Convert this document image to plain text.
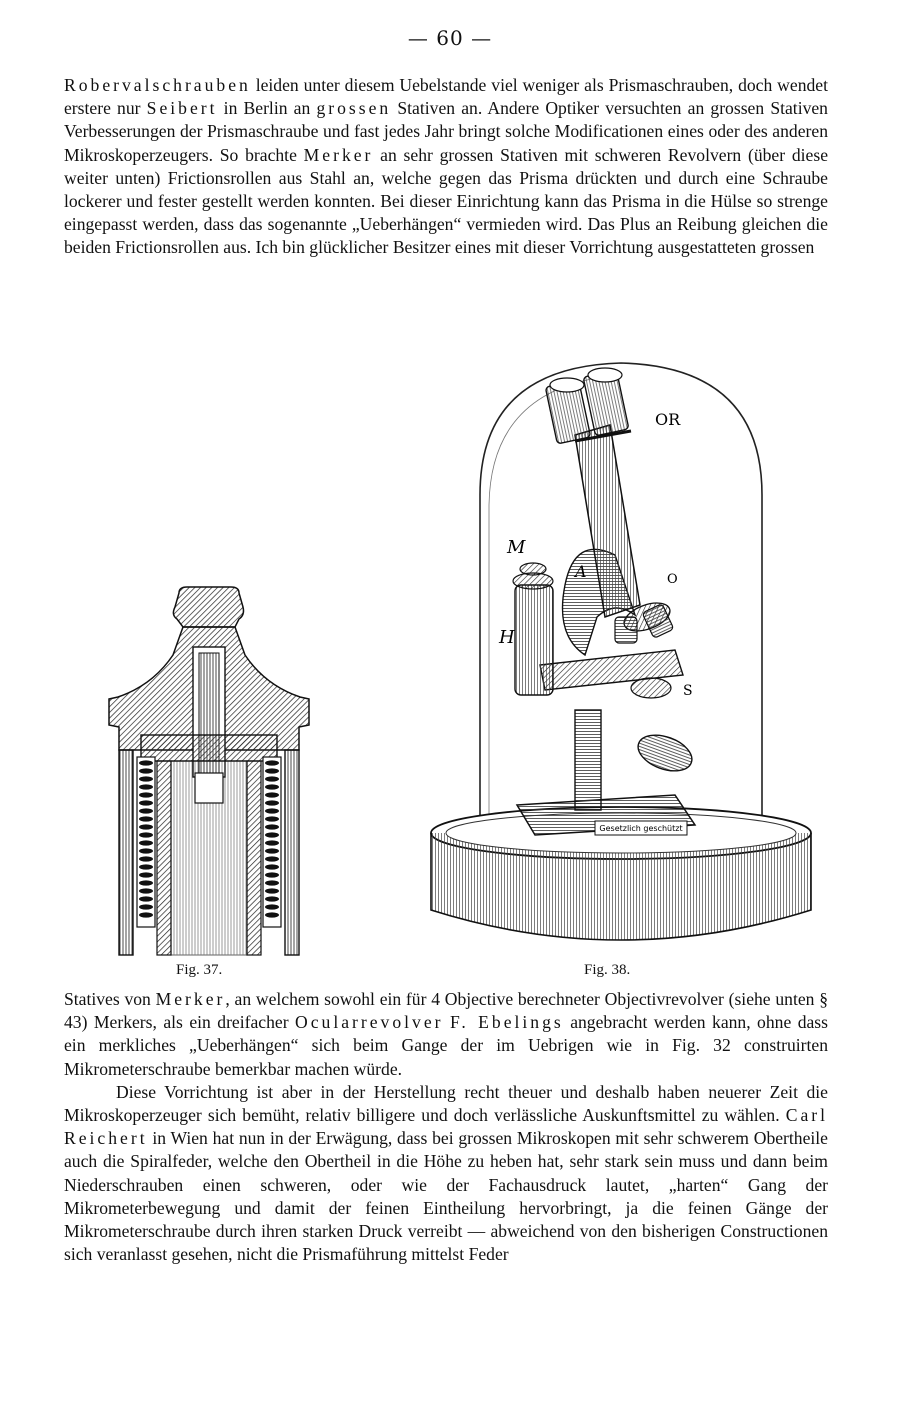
— 60 —

Robervalschrauben leiden unter diesem Uebelstande viel weniger als Prismaschrauben, doch wendet erstere nur Seibert in Berlin an grossen Stativen an. Andere Optiker versuchten an grossen Stativen Verbesserungen der Prismaschraube und fast jedes Jahr bringt solche Modificationen eines oder des anderen Mikroskoperzeugers. So brachte Merker an sehr grossen Stativen mit schweren Revolvern (über diese weiter unten) Frictionsrollen aus Stahl an, welche gegen das Prisma drückten und durch eine Schraube lockerer und fester gestellt werden konnten. Bei dieser Einrichtung kann das Prisma in die Hülse so strenge eingepasst werden, dass das sogenannte „Ueberhängen“ vermieden wird. Das Plus an Reibung gleichen die beiden Frictionsrollen aus. Ich bin glücklicher Besitzer eines mit dieser Vorrichtung ausgestatteten grossen

Gesetzlich geschützt
OR
M
A	O
H
S
Fig. 37.	Fig. 38.
Statives von Merker, an welchem sowohl ein für 4 Objective berechneter Objectivrevolver (siehe unten § 43) Merkers, als ein dreifacher Ocularrevolver F. Ebelings angebracht werden kann, ohne dass ein merkliches „Ueberhängen“ sich beim Gange der im Uebrigen wie in Fig. 32 construirten Mikrometerschraube bemerkbar machen würde.
Diese Vorrichtung ist aber in der Herstellung recht theuer und deshalb haben neuerer Zeit die Mikroskoperzeuger sich bemüht, relativ billigere und doch verlässliche Auskunftsmittel zu wählen. Carl Reichert in Wien hat nun in der Erwägung, dass bei grossen Mikroskopen mit sehr schwerem Obertheile auch die Spiralfeder, welche den Obertheil in die Höhe zu heben hat, sehr stark sein muss und dann beim Niederschrauben einen schweren, oder wie der Fachausdruck lautet, „harten“ Gang der Mikrometerbewegung und damit der feinen Eintheilung hervorbringt, ja die feinen Gänge der Mikrometerschraube durch ihren starken Druck verreibt — abweichend von den bisherigen Constructionen sich veranlasst gesehen, nicht die Prismaführung mittelst Feder
